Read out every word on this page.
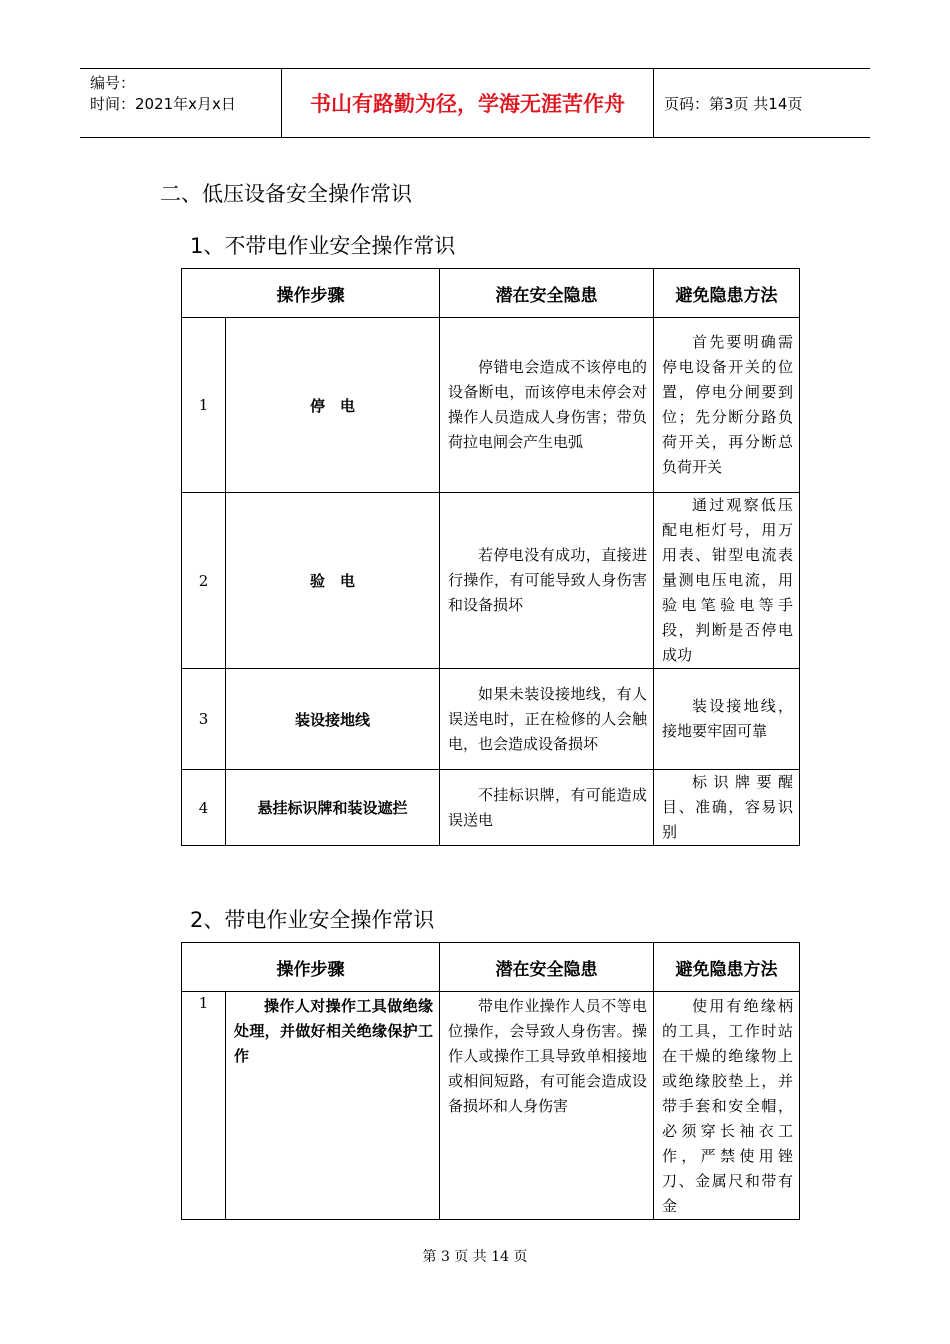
编号：
时间：2021年x月x日	书山有路勤为径，学海无涯苦作舟	页码：第3页 共14页
二、低压设备安全操作常识
1、不带电作业安全操作常识
操作步骤		潜在安全隐患	避免隐患方法
1	停　电	停错电会造成不该停电的设备断电，而该停电未停会对操作人员造成人身伤害；带负荷拉电闸会产生电弧	首先要明确需停电设备开关的位置，停电分闸要到位；先分断分路负荷开关，再分断总负荷开关
2	验　电	若停电没有成功，直接进行操作，有可能导致人身伤害和设备损坏	通过观察低压配电柜灯号，用万用表、钳型电流表量测电压电流，用验电笔验电等手段，判断是否停电成功
3	装设接地线	如果未装设接地线，有人误送电时，正在检修的人会触电，也会造成设备损坏	装设接地线，接地要牢固可靠
4	悬挂标识牌和装设遮拦	不挂标识牌，有可能造成误送电	标识牌要醒目、准确，容易识别
2、带电作业安全操作常识
操作步骤		潜在安全隐患	避免隐患方法
1	操作人对操作工具做绝缘处理，并做好相关绝缘保护工作	带电作业操作人员不等电位操作，会导致人身伤害。操作人或操作工具导致单相接地或相间短路，有可能会造成设备损坏和人身伤害	使用有绝缘柄的工具，工作时站在干燥的绝缘物上或绝缘胶垫上，并带手套和安全帽，必须穿长袖衣工作，严禁使用锉刀、金属尺和带有金
第 3 页 共 14 页
